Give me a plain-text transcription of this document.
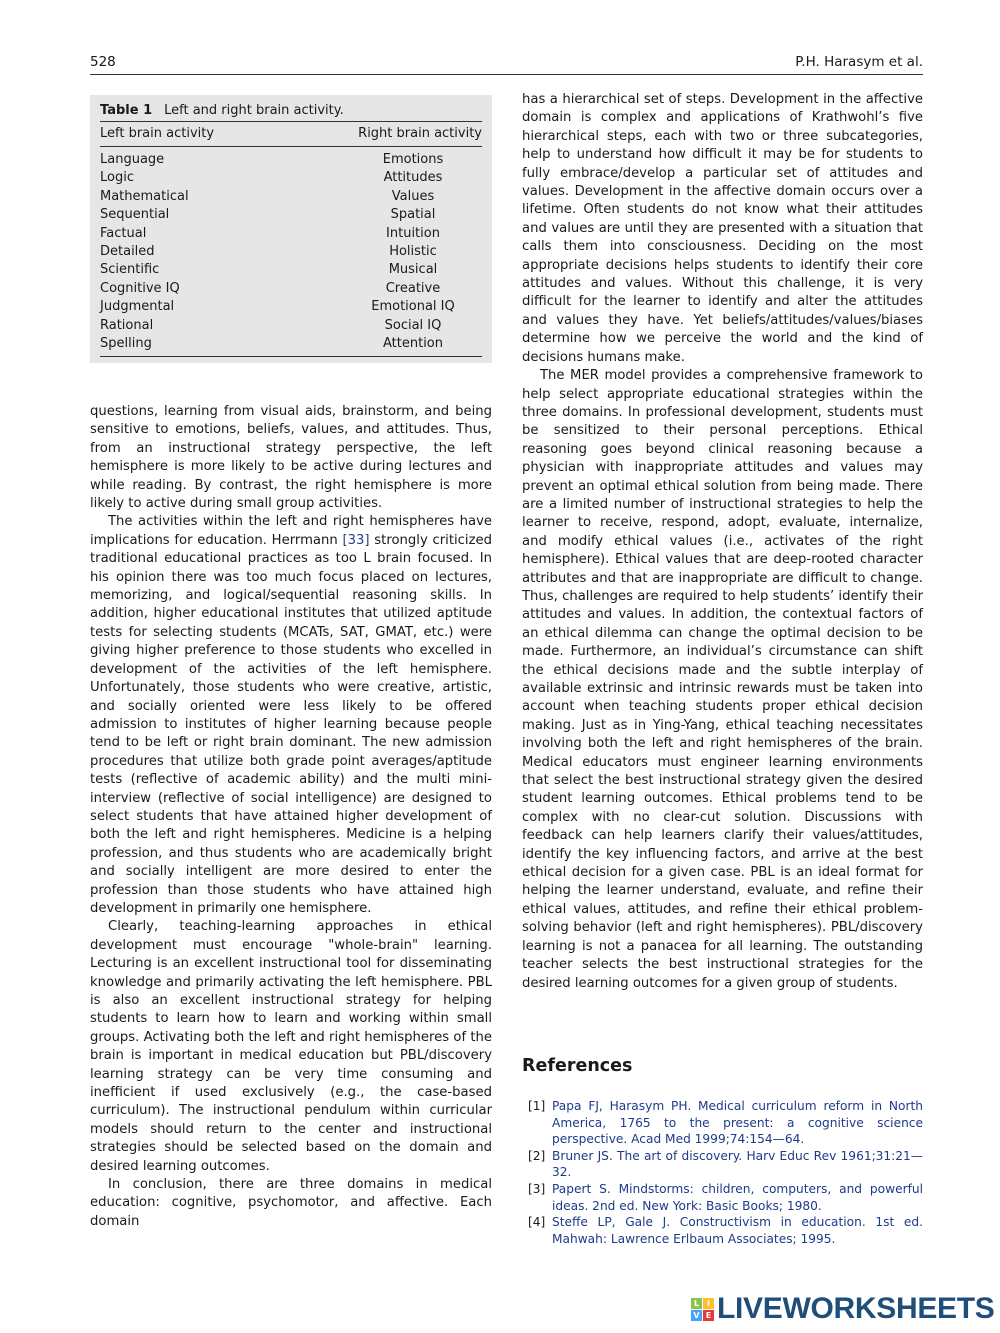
528	P.H. Harasym et al.
Table 1 Left and right brain activity.
Left brain activity	Right brain activity
Language	Emotions
Logic	Attitudes
Mathematical	Values
Sequential	Spatial
Factual	Intuition
Detailed	Holistic
Scientific	Musical
Cognitive IQ	Creative
Judgmental	Emotional IQ
Rational	Social IQ
Spelling	Attention

questions, learning from visual aids, brainstorm, and being sensitive to emotions, beliefs, values, and attitudes. Thus, from an instructional strategy perspective, the left hemisphere is more likely to be active during lectures and while reading. By contrast, the right hemisphere is more likely to active during small group activities.

The activities within the left and right hemispheres have implications for education. Herrmann [33] strongly criticized traditional educational practices as too L brain focused. In his opinion there was too much focus placed on lectures, memorizing, and logical/sequential reasoning skills. In addition, higher educational institutes that utilized aptitude tests for selecting students (MCATs, SAT, GMAT, etc.) were giving higher preference to those students who excelled in development of the activities of the left hemisphere. Unfortunately, those students who were creative, artistic, and socially oriented were less likely to be offered admission to institutes of higher learning because people tend to be left or right brain dominant. The new admission procedures that utilize both grade point averages/aptitude tests (reflective of academic ability) and the multi mini-interview (reflective of social intelligence) are designed to select students that have attained higher development of both the left and right hemispheres. Medicine is a helping profession, and thus students who are academically bright and socially intelligent are more desired to enter the profession than those students who have attained high development in primarily one hemisphere.

Clearly, teaching-learning approaches in ethical development must encourage "whole-brain" learning. Lecturing is an excellent instructional tool for disseminating knowledge and primarily activating the left hemisphere. PBL is also an excellent instructional strategy for helping students to learn how to learn and working within small groups. Activating both the left and right hemispheres of the brain is important in medical education but PBL/discovery learning strategy can be very time consuming and inefficient if used exclusively (e.g., the case-based curriculum). The instructional pendulum within curricular models should return to the center and instructional strategies should be selected based on the domain and desired learning outcomes.

In conclusion, there are three domains in medical education: cognitive, psychomotor, and affective. Each domain

has a hierarchical set of steps. Development in the affective domain is complex and applications of Krathwohl’s five hierarchical steps, each with two or three subcategories, help to understand how difficult it may be for students to fully embrace/develop a particular set of attitudes and values. Development in the affective domain occurs over a lifetime. Often students do not know what their attitudes and values are until they are presented with a situation that calls them into consciousness. Deciding on the most appropriate decisions helps students to identify their core attitudes and values. Without this challenge, it is very difficult for the learner to identify and alter the attitudes and values they have. Yet beliefs/attitudes/values/biases determine how we perceive the world and the kind of decisions humans make.

The MER model provides a comprehensive framework to help select appropriate educational strategies within the three domains. In professional development, students must be sensitized to their personal perceptions. Ethical reasoning goes beyond clinical reasoning because a physician with inappropriate attitudes and values may prevent an optimal ethical solution from being made. There are a limited number of instructional strategies to help the learner to receive, respond, adopt, evaluate, internalize, and modify ethical values (i.e., activates of the right hemisphere). Ethical values that are deep-rooted character attributes and that are inappropriate are difficult to change. Thus, challenges are required to help students’ identify their attitudes and values. In addition, the contextual factors of an ethical dilemma can change the optimal decision to be made. Furthermore, an individual’s circumstance can shift the ethical decisions made and the subtle interplay of available extrinsic and intrinsic rewards must be taken into account when teaching students proper ethical decision making. Just as in Ying-Yang, ethical teaching necessitates involving both the left and right hemispheres of the brain. Medical educators must engineer learning environments that select the best instructional strategy given the desired student learning outcomes. Ethical problems tend to be complex with no clear-cut solution. Discussions with feedback can help learners clarify their values/attitudes, identify the key influencing factors, and arrive at the best ethical decision for a given case. PBL is an ideal format for helping the learner understand, evaluate, and refine their ethical values, attitudes, and refine their ethical problem-solving behavior (left and right hemispheres). PBL/discovery learning is not a panacea for all learning. The outstanding teacher selects the best instructional strategies for the desired learning outcomes for a given group of students.

References
[1] Papa FJ, Harasym PH. Medical curriculum reform in North America, 1765 to the present: a cognitive science perspective. Acad Med 1999;74:154—64.
[2] Bruner JS. The art of discovery. Harv Educ Rev 1961;31:21—32.
[3] Papert S. Mindstorms: children, computers, and powerful ideas. 2nd ed. New York: Basic Books; 1980.
[4] Steffe LP, Gale J. Constructivism in education. 1st ed. Mahwah: Lawrence Erlbaum Associates; 1995.
L I
V E LIVEWORKSHEETS
